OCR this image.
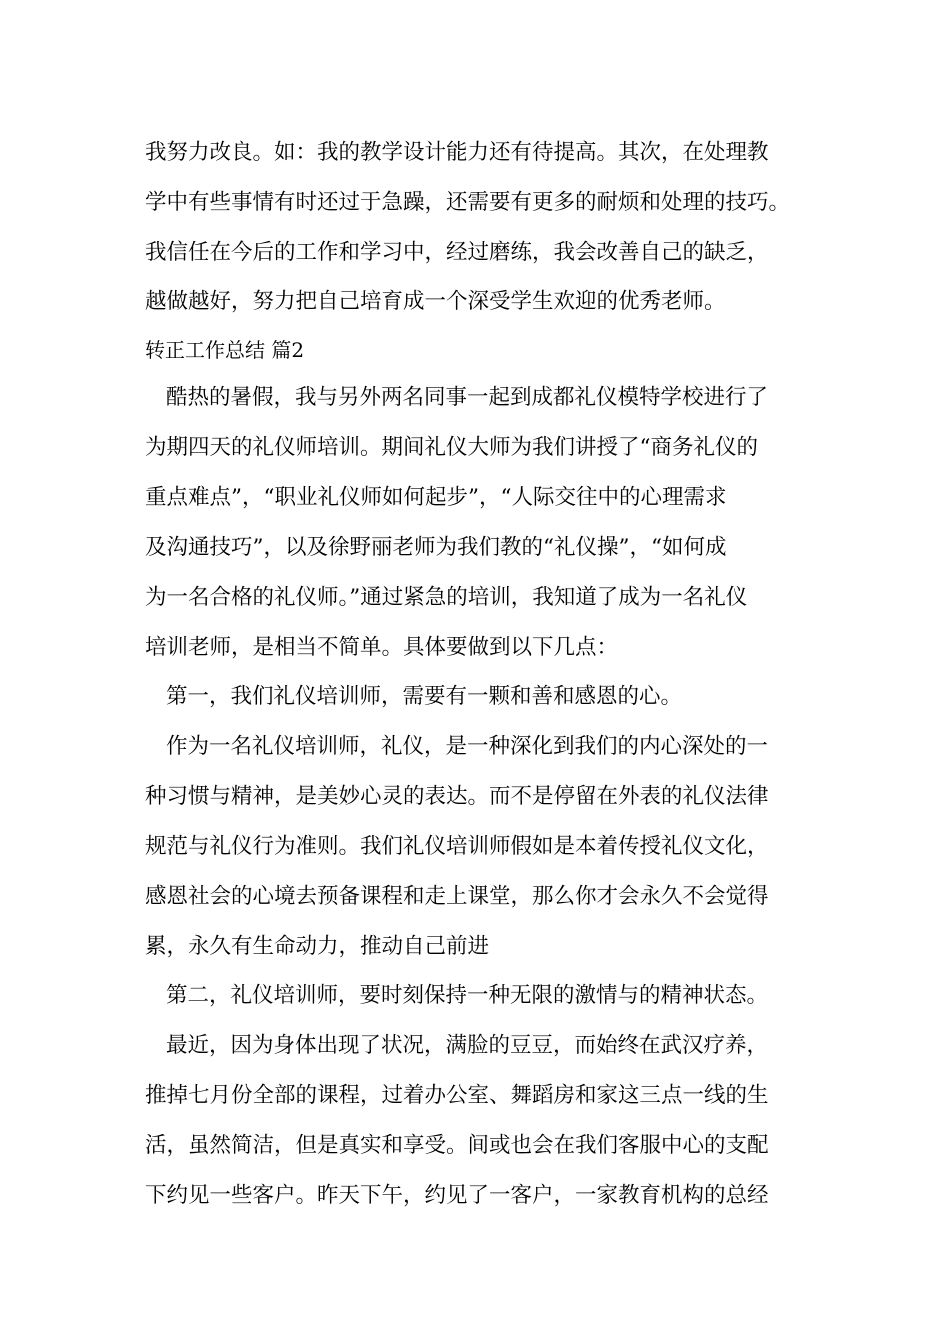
我努力改良。如：我的教学设计能力还有待提高。其次，在处理教
学中有些事情有时还过于急躁，还需要有更多的耐烦和处理的技巧。
我信任在今后的工作和学习中，经过磨练，我会改善自己的缺乏，
越做越好，努力把自己培育成一个深受学生欢迎的优秀老师。
转正工作总结 篇2
酷热的暑假，我与另外两名同事一起到成都礼仪模特学校进行了
为期四天的礼仪师培训。期间礼仪大师为我们讲授了“商务礼仪的
重点难点”，“职业礼仪师如何起步”，“人际交往中的心理需求
及沟通技巧”，以及徐野丽老师为我们教的“礼仪操”，“如何成
为一名合格的礼仪师。”通过紧急的培训，我知道了成为一名礼仪
培训老师，是相当不简单。具体要做到以下几点：
第一，我们礼仪培训师，需要有一颗和善和感恩的心。
作为一名礼仪培训师，礼仪，是一种深化到我们的内心深处的一
种习惯与精神，是美妙心灵的表达。而不是停留在外表的礼仪法律
规范与礼仪行为准则。我们礼仪培训师假如是本着传授礼仪文化，
感恩社会的心境去预备课程和走上课堂，那么你才会永久不会觉得
累，永久有生命动力，推动自己前进
第二，礼仪培训师，要时刻保持一种无限的激情与的精神状态。
最近，因为身体出现了状况，满脸的豆豆，而始终在武汉疗养，
推掉七月份全部的课程，过着办公室、舞蹈房和家这三点一线的生
活，虽然简洁，但是真实和享受。间或也会在我们客服中心的支配
下约见一些客户。昨天下午，约见了一客户，一家教育机构的总经
